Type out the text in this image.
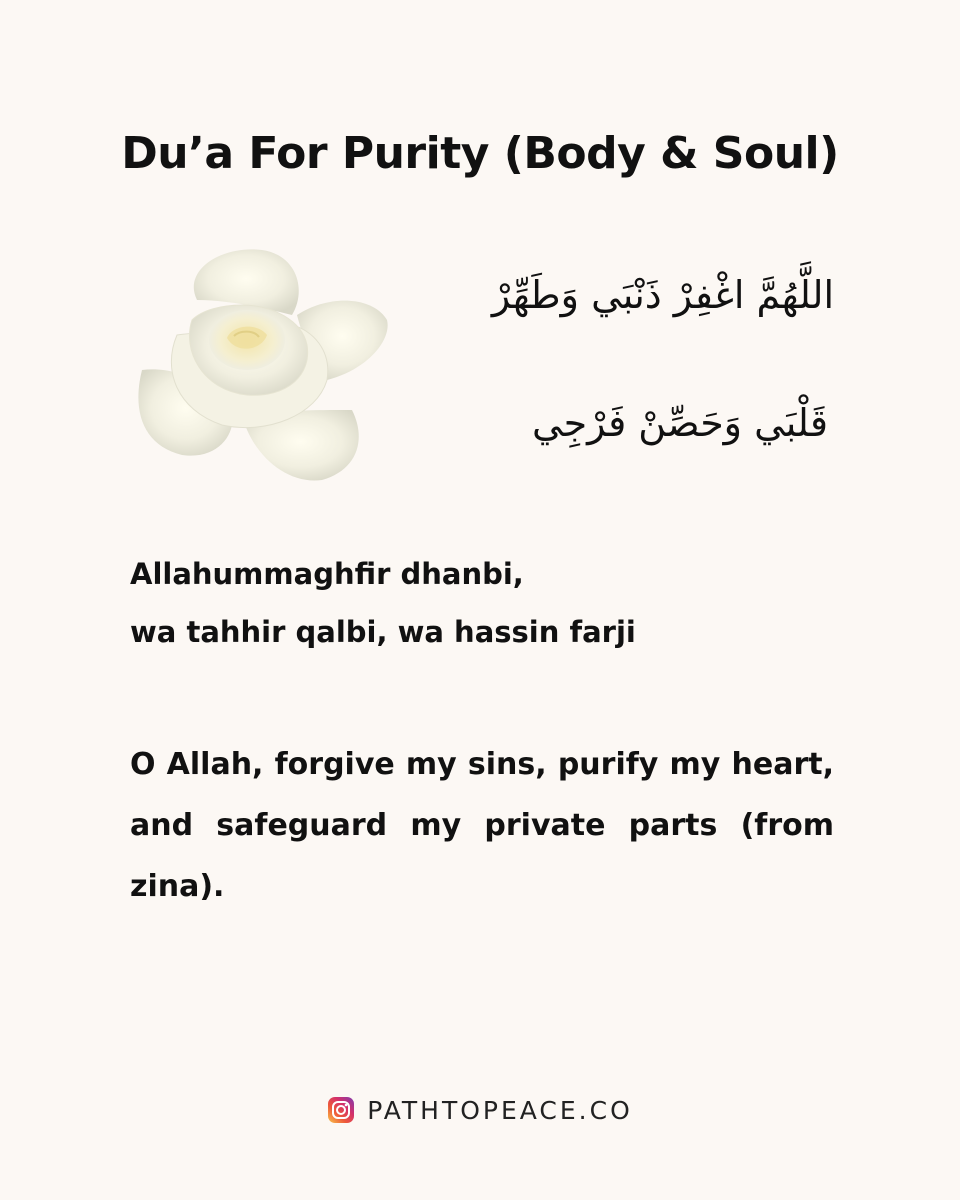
Du’a For Purity (Body & Soul)
اللَّهُمَّ اغْفِرْ ذَنْبَي وَطَهِّرْ
قَلْبَي وَحَصِّنْ فَرْجِي
Allahummaghfir dhanbi,
wa tahhir qalbi, wa hassin farji

O Allah, forgive my sins, purify my heart, and safeguard my private parts (from zina).

PATHTOPEACE.CO
